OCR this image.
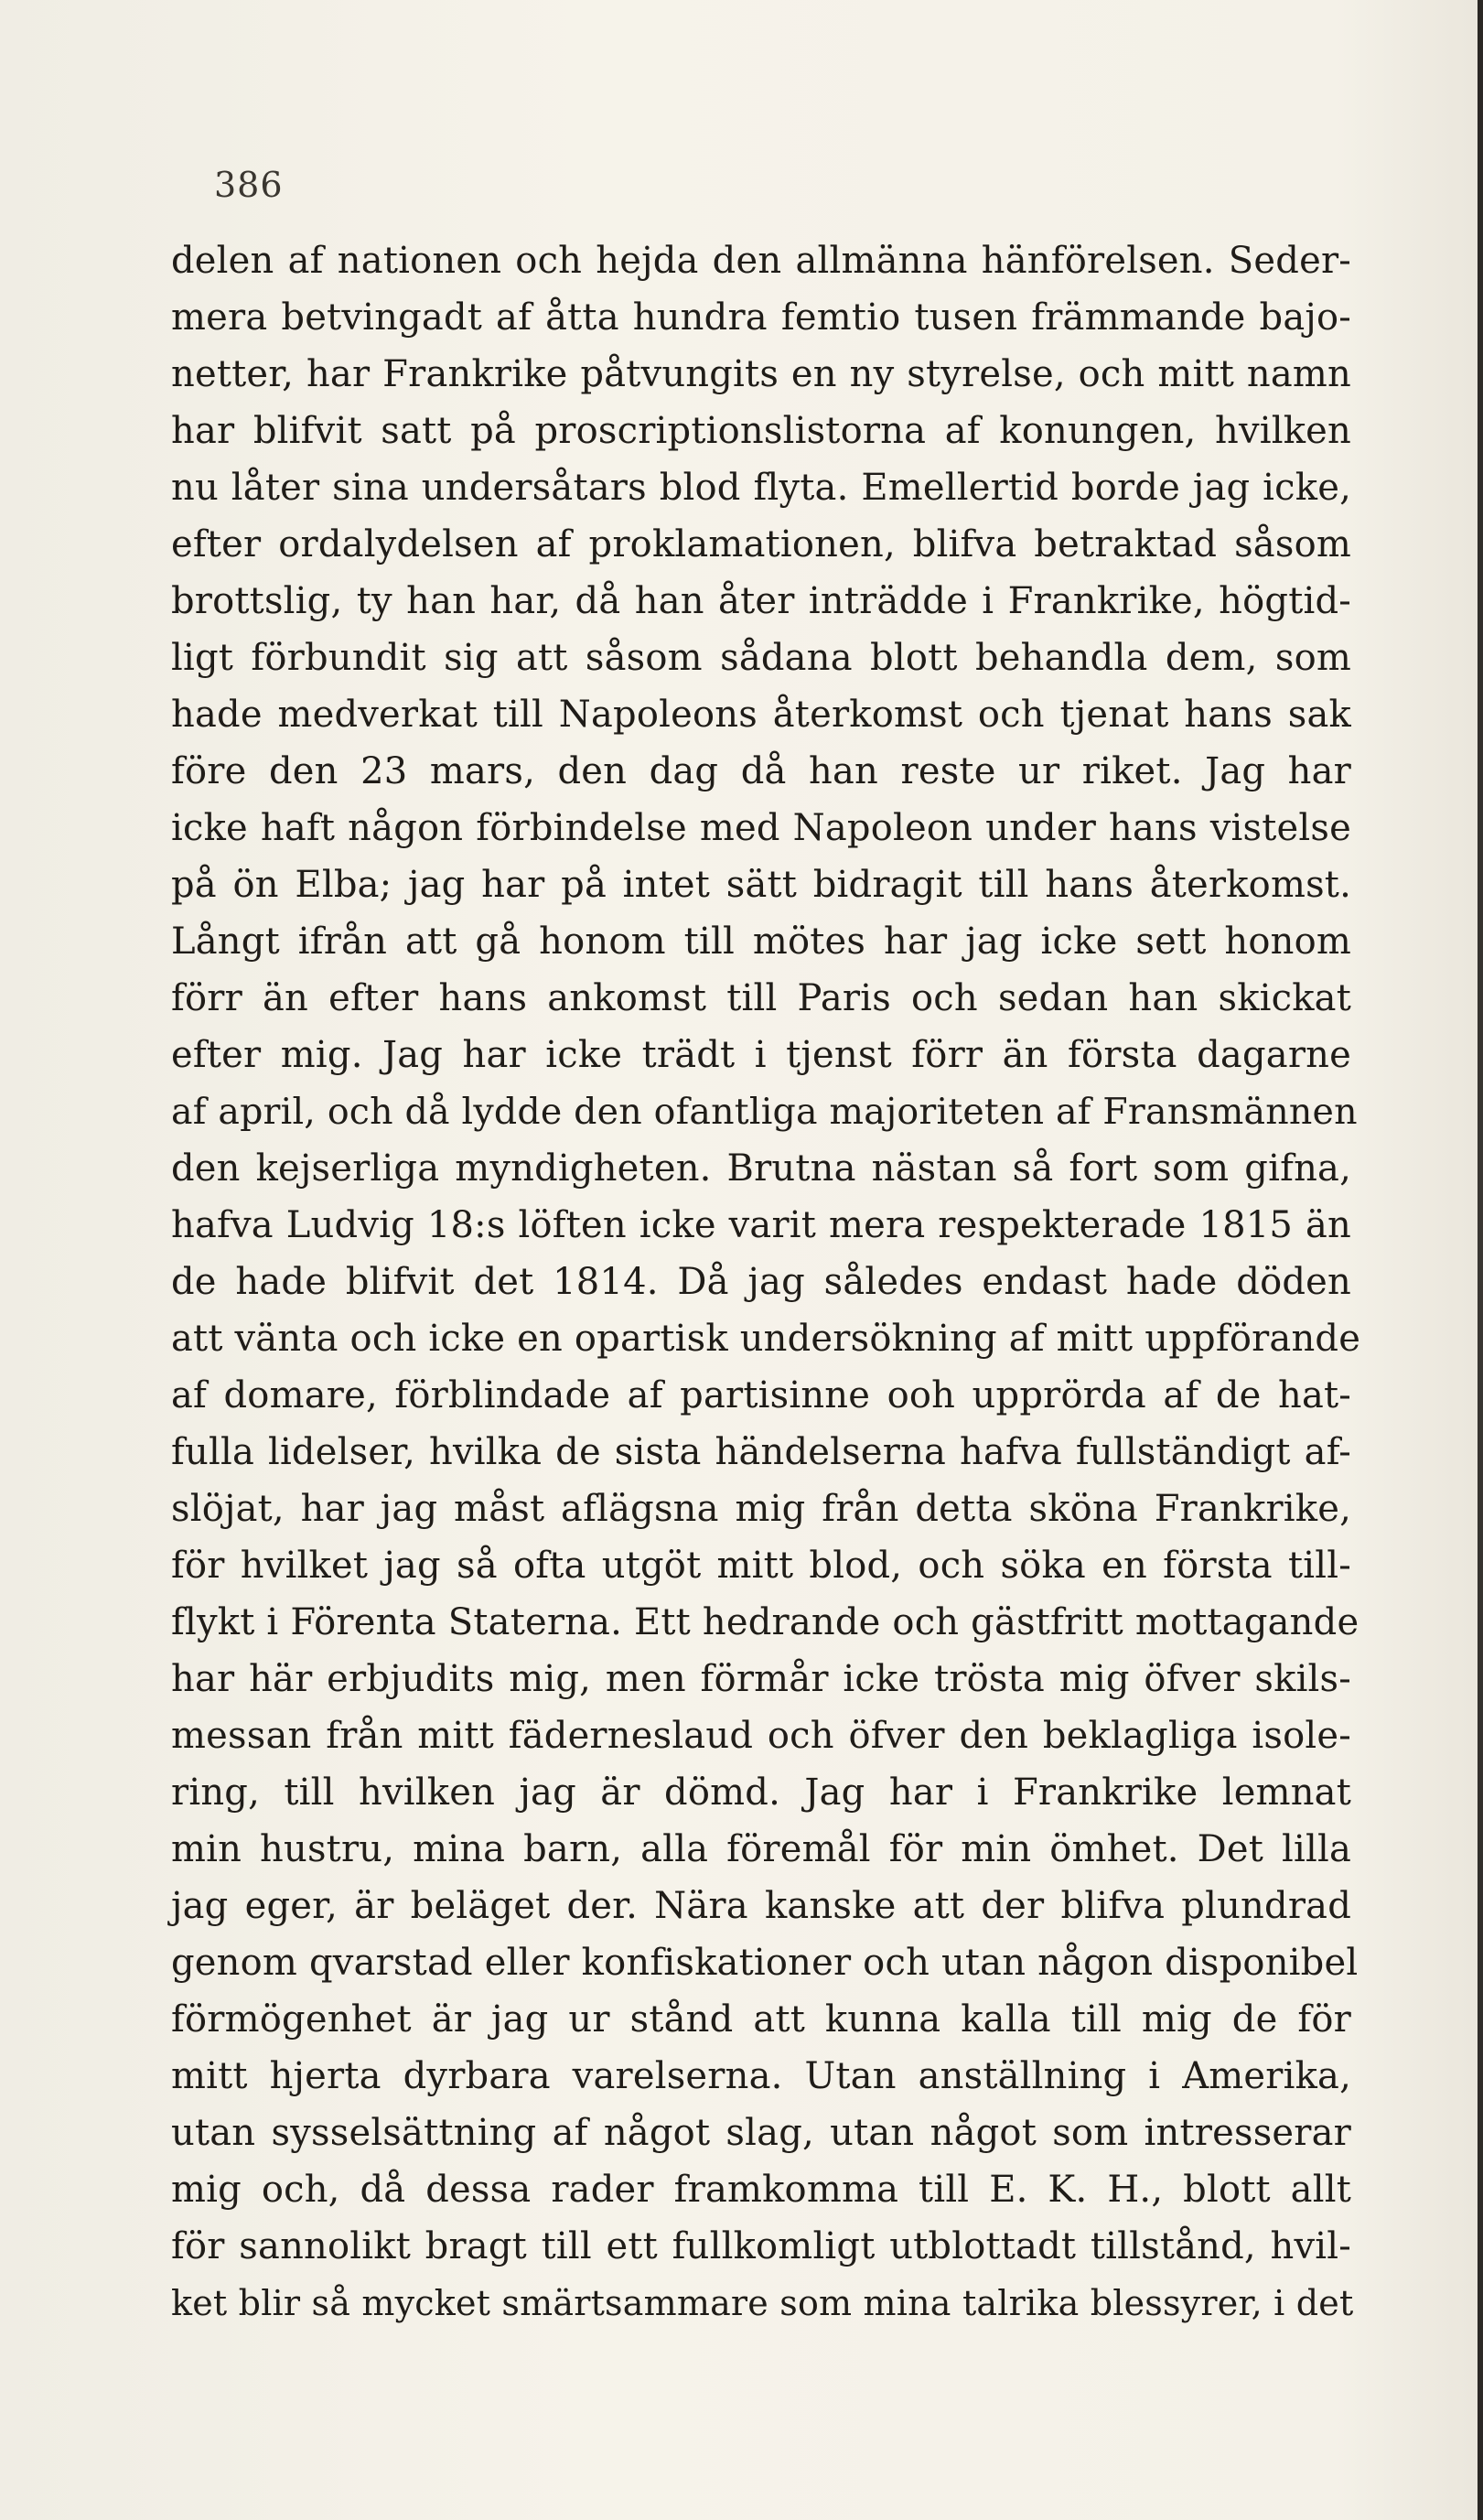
386
delen af nationen och hejda den allmänna hänförelsen. Seder-
mera betvingadt af åtta hundra femtio tusen främmande bajo-
netter, har Frankrike påtvungits en ny styrelse, och mitt namn
har blifvit satt på proscriptionslistorna af konungen, hvilken
nu låter sina undersåtars blod flyta. Emellertid borde jag icke,
efter ordalydelsen af proklamationen, blifva betraktad såsom
brottslig, ty han har, då han åter inträdde i Frankrike, högtid-
ligt förbundit sig att såsom sådana blott behandla dem, som
hade medverkat till Napoleons återkomst och tjenat hans sak
före den 23 mars, den dag då han reste ur riket. Jag har
icke haft någon förbindelse med Napoleon under hans vistelse
på ön Elba; jag har på intet sätt bidragit till hans återkomst.
Långt ifrån att gå honom till mötes har jag icke sett honom
förr än efter hans ankomst till Paris och sedan han skickat
efter mig. Jag har icke trädt i tjenst förr än första dagarne
af april, och då lydde den ofantliga majoriteten af Fransmännen
den kejserliga myndigheten. Brutna nästan så fort som gifna,
hafva Ludvig 18:s löften icke varit mera respekterade 1815 än
de hade blifvit det 1814. Då jag således endast hade döden
att vänta och icke en opartisk undersökning af mitt uppförande
af domare, förblindade af partisinne ooh upprörda af de hat-
fulla lidelser, hvilka de sista händelserna hafva fullständigt af-
slöjat, har jag måst aflägsna mig från detta sköna Frankrike,
för hvilket jag så ofta utgöt mitt blod, och söka en första till-
flykt i Förenta Staterna. Ett hedrande och gästfritt mottagande
har här erbjudits mig, men förmår icke trösta mig öfver skils-
messan från mitt fäderneslaud och öfver den beklagliga isole-
ring, till hvilken jag är dömd. Jag har i Frankrike lemnat
min hustru, mina barn, alla föremål för min ömhet. Det lilla
jag eger, är beläget der. Nära kanske att der blifva plundrad
genom qvarstad eller konfiskationer och utan någon disponibel
förmögenhet är jag ur stånd att kunna kalla till mig de för
mitt hjerta dyrbara varelserna. Utan anställning i Amerika,
utan sysselsättning af något slag, utan något som intresserar
mig och, då dessa rader framkomma till E. K. H., blott allt
för sannolikt bragt till ett fullkomligt utblottadt tillstånd, hvil-
ket blir så mycket smärtsammare som mina talrika blessyrer, i det
